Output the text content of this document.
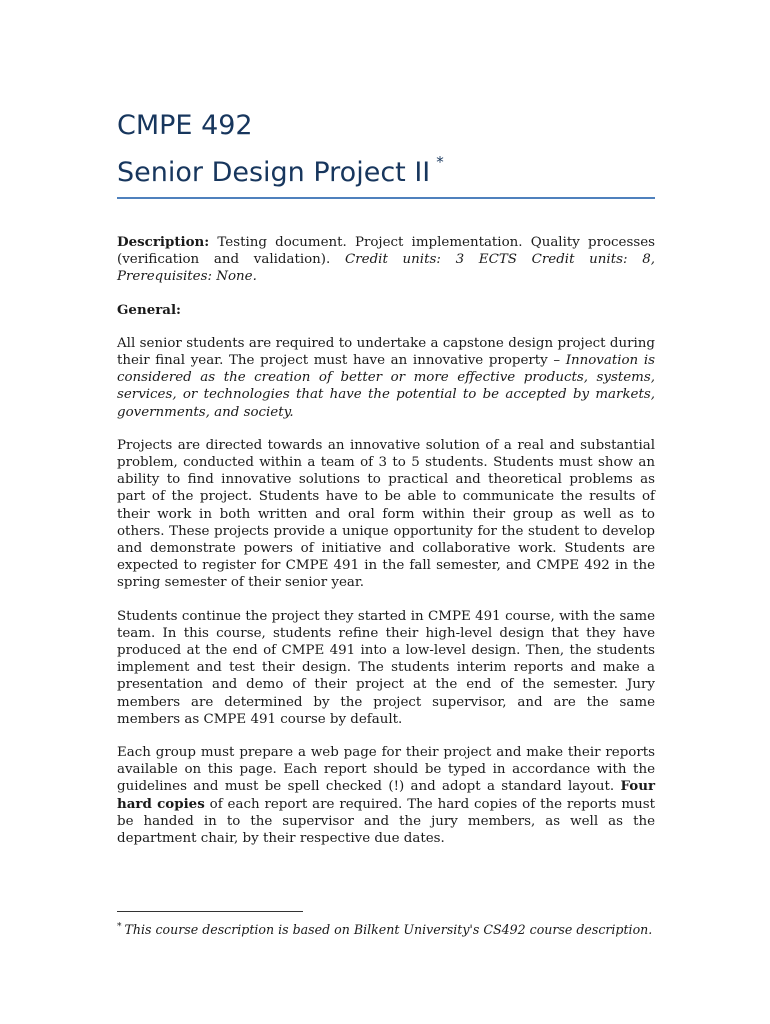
CMPE 492
Senior Design Project II *

Description: Testing document. Project implementation. Quality processes (verification and validation). Credit units: 3 ECTS Credit units: 8, Prerequisites: None.

General:

All senior students are required to undertake a capstone design project during their final year. The project must have an innovative property – Innovation is considered as the creation of better or more effective products, systems, services, or technologies that have the potential to be accepted by markets, governments, and society.

Projects are directed towards an innovative solution of a real and substantial problem, conducted within a team of 3 to 5 students. Students must show an ability to find innovative solutions to practical and theoretical problems as part of the project. Students have to be able to communicate the results of their work in both written and oral form within their group as well as to others. These projects provide a unique opportunity for the student to develop and demonstrate powers of initiative and collaborative work. Students are expected to register for CMPE 491 in the fall semester, and CMPE 492 in the spring semester of their senior year.

Students continue the project they started in CMPE 491 course, with the same team. In this course, students refine their high-level design that they have produced at the end of CMPE 491 into a low-level design. Then, the students implement and test their design. The students interim reports and make a presentation and demo of their project at the end of the semester. Jury members are determined by the project supervisor, and are the same members as CMPE 491 course by default.

Each group must prepare a web page for their project and make their reports available on this page. Each report should be typed in accordance with the guidelines and must be spell checked (!) and adopt a standard layout. Four hard copies of each report are required. The hard copies of the reports must be handed in to the supervisor and the jury members, as well as the department chair, by their respective due dates.

* This course description is based on Bilkent University's CS492 course description.
